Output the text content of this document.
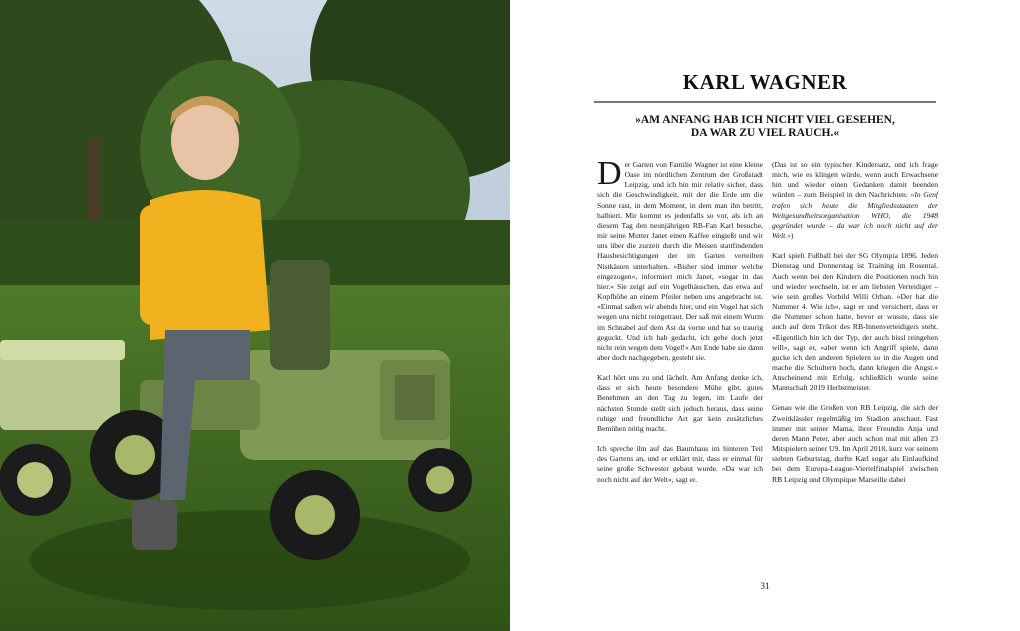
KARL WAGNER
»AM ANFANG HAB ICH NICHT VIEL GESEHEN,
DA WAR ZU VIEL RAUCH.«

Der Garten von Familie Wagner ist eine kleine Oase im nördlichen Zentrum der Großstadt Leipzig, und ich bin mir relativ sicher, dass sich die Geschwindigkeit, mit der die Erde um die Sonne rast, in dem Moment, in dem man ihn betritt, halbiert. Mir kommt es jedenfalls so vor, als ich an diesem Tag den neunjährigen RB-Fan Karl besuche, mir seine Mutter Janet einen Kaffee eingießt und wir uns über die zurzeit durch die Meisen stattfindenden Hausbesichtigungen der im Garten verteilten Nistkästen unterhalten. »Bisher sind immer welche eingezogen«, informiert mich Janet, »sogar in das hier.« Sie zeigt auf ein Vogelhäuschen, das etwa auf Kopfhöhe an einem Pfeiler neben uns angebracht ist. »Einmal saßen wir abends hier, und ein Vogel hat sich wegen uns nicht reingetraut. Der saß mit einem Wurm im Schnabel auf dem Ast da vorne und hat so traurig geguckt. Und ich hab gedacht, ich gehe doch jetzt nicht rein wegen dem Vogel!« Am Ende habe sie dann aber doch nachgegeben, gesteht sie.

Karl hört uns zu und lächelt. Am Anfang denke ich, dass er sich heute besondere Mühe gibt, gutes Benehmen an den Tag zu legen, im Laufe der nächsten Stunde stellt sich jedoch heraus, dass seine ruhige und freundliche Art gar kein zusätzliches Bemühen nötig macht.

Ich spreche ihn auf das Baumhaus im hinteren Teil des Gartens an, und er erklärt mir, dass er einmal für seine große Schwester gebaut wurde. »Da war ich noch nicht auf der Welt«, sagt er.

(Das ist so ein typischer Kindersatz, und ich frage mich, wie es klingen würde, wenn auch Erwachsene hin und wieder einen Gedanken damit beenden würden – zum Beispiel in den Nachrichten: »In Genf trafen sich heute die Mitgliedsstaaten der Weltgesundheitsorganisation WHO, die 1948 gegründet wurde – da war ich noch nicht auf der Welt.«)

Karl spielt Fußball bei der SG Olympia 1896. Jeden Dienstag und Donnerstag ist Training im Rosental. Auch wenn bei den Kindern die Positionen noch hin und wieder wechseln, ist er am liebsten Verteidiger – wie sein großes Vorbild Willi Orban. »Der hat die Nummer 4. Wie ich«, sagt er und versichert, dass er die Nummer schon hatte, bevor er wusste, dass sie auch auf dem Trikot des RB-Innenverteidigers steht. »Eigentlich bin ich der Typ, der auch bissl reingehen will«, sagt er, »aber wenn ich Angriff spiele, dann gucke ich den anderen Spielern so in die Augen und mache die Schultern hoch, dann kriegen die Angst.« Anscheinend mit Erfolg, schließlich wurde seine Mannschaft 2019 Herbstmeister.

Genau wie die Großen von RB Leipzig, die sich der Zweitklässler regelmäßig im Stadion anschaut. Fast immer mit seiner Mama, ihrer Freundin Anja und deren Mann Peter, aber auch schon mal mit allen 23 Mitspielern seiner U9. Im April 2018, kurz vor seinem siebten Geburtstag, durfte Karl sogar als Einlaufkind bei dem Europa-League-Viertelfinalspiel zwischen RB Leipzig und Olympique Marseille dabei

31
